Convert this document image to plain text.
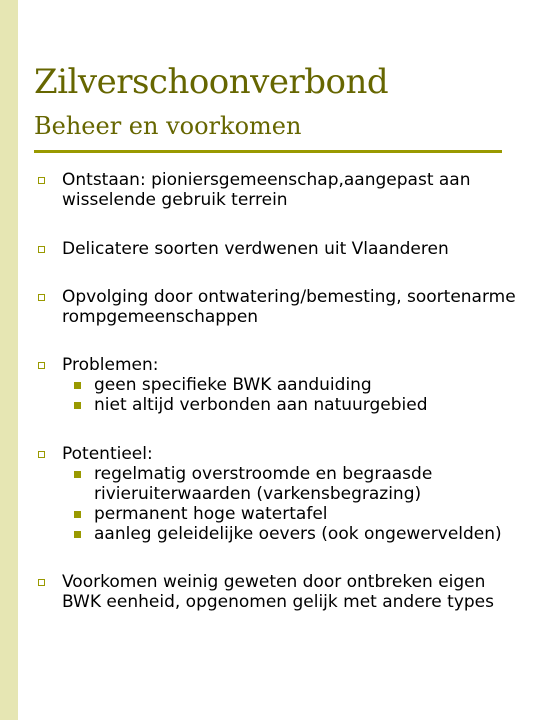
Zilverschoonverbond
Beheer en voorkomen
Ontstaan: pioniersgemeenschap,aangepast aan wisselende gebruik terrein
Delicatere soorten verdwenen uit Vlaanderen
Opvolging door ontwatering/bemesting, soortenarme rompgemeenschappen
Problemen:
geen specifieke BWK aanduiding
niet altijd verbonden aan natuurgebied
Potentieel:
regelmatig overstroomde en begraasde rivieruiterwaarden (varkensbegrazing)
permanent hoge watertafel
aanleg geleidelijke oevers (ook ongewervelden)
Voorkomen weinig geweten door ontbreken eigen BWK eenheid, opgenomen gelijk met andere types
